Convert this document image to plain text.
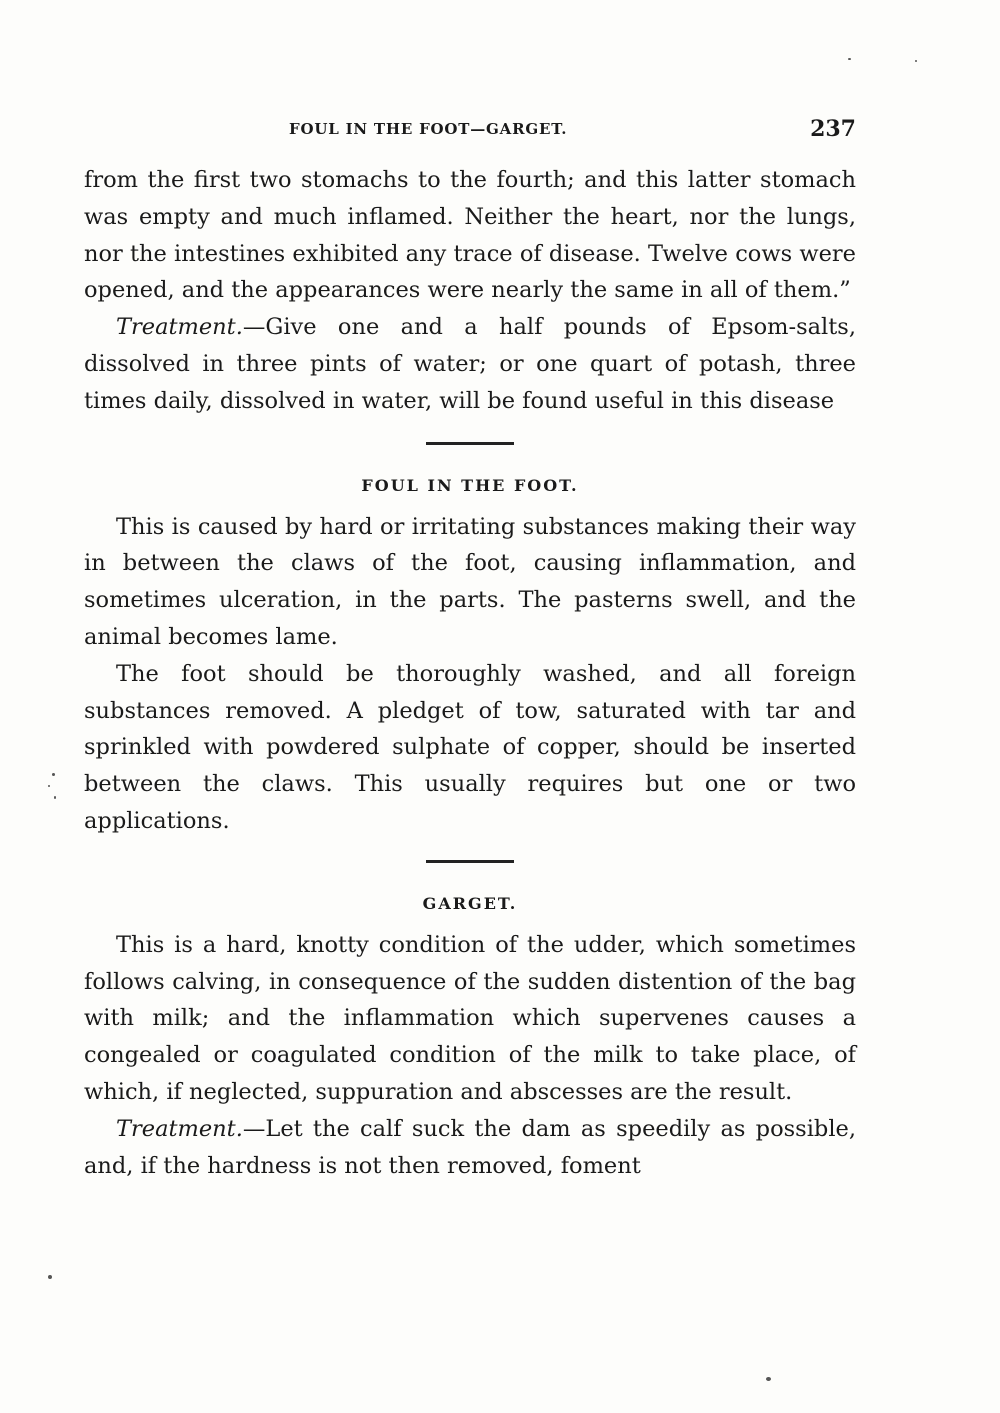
FOUL IN THE FOOT—GARGET.	237

from the first two stomachs to the fourth; and this latter stomach was empty and much inflamed. Neither the heart, nor the lungs, nor the intestines exhibited any trace of disease. Twelve cows were opened, and the appearances were nearly the same in all of them.”

Treatment.—Give one and a half pounds of Epsom-salts, dissolved in three pints of water; or one quart of potash, three times daily, dissolved in water, will be found useful in this disease

FOUL IN THE FOOT.

This is caused by hard or irritating substances making their way in between the claws of the foot, causing inflammation, and sometimes ulceration, in the parts. The pasterns swell, and the animal becomes lame.

The foot should be thoroughly washed, and all foreign substances removed. A pledget of tow, saturated with tar and sprinkled with powdered sulphate of copper, should be inserted between the claws. This usually requires but one or two applications.

GARGET.

This is a hard, knotty condition of the udder, which sometimes follows calving, in consequence of the sudden distention of the bag with milk; and the inflammation which supervenes causes a congealed or coagulated condition of the milk to take place, of which, if neglected, suppuration and abscesses are the result.

Treatment.—Let the calf suck the dam as speedily as possible, and, if the hardness is not then removed, foment
